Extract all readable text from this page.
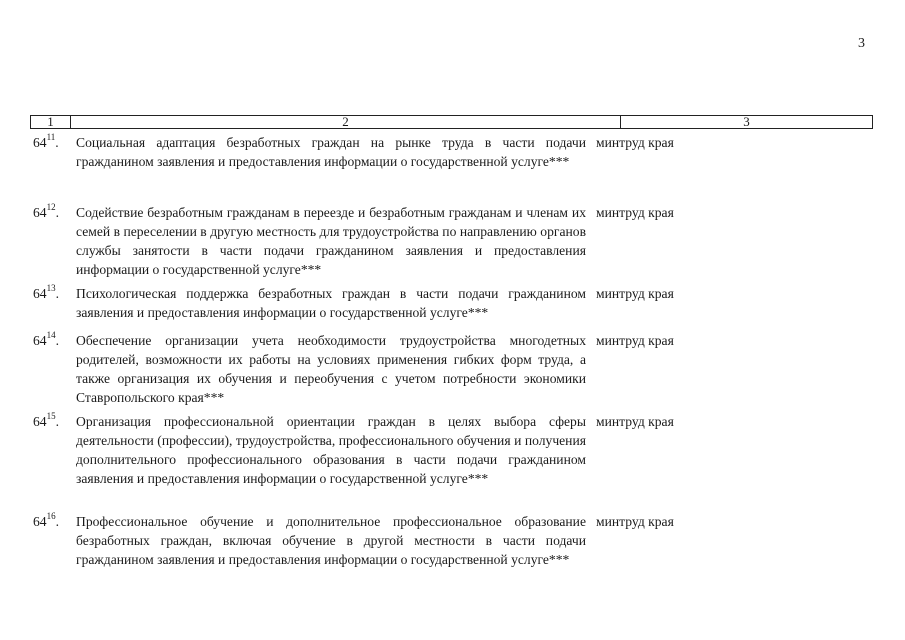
3
1	2	3
$64^{11}$. Социальная адаптация безработных граждан на рынке труда в части подачи гражданином заявления и предоставления информации о государственной услуге***
минтруд края
$64^{12}$. Содействие безработным гражданам в переезде и безработным гражданам и членам их семей в переселении в другую местность для трудоустройства по направлению органов службы занятости в части подачи гражданином заявления и предоставления информации о государственной услуге***
минтруд края
$64^{13}$. Психологическая поддержка безработных граждан в части подачи гражданином заявления и предоставления информации о государственной услуге***
минтруд края
$64^{14}$. Обеспечение организации учета необходимости трудоустройства многодетных родителей, возможности их работы на условиях применения гибких форм труда, а также организация их обучения и переобучения с учетом потребности экономики Ставропольского края***
минтруд края
$64^{15}$. Организация профессиональной ориентации граждан в целях выбора сферы деятельности (профессии), трудоустройства, профессионального обучения и получения дополнительного профессионального образования в части подачи гражданином заявления и предоставления информации о государственной услуге***
минтруд края
$64^{16}$. Профессиональное обучение и дополнительное профессиональное образование безработных граждан, включая обучение в другой местности в части подачи гражданином заявления и предоставления информации о государственной услуге***
минтруд края
